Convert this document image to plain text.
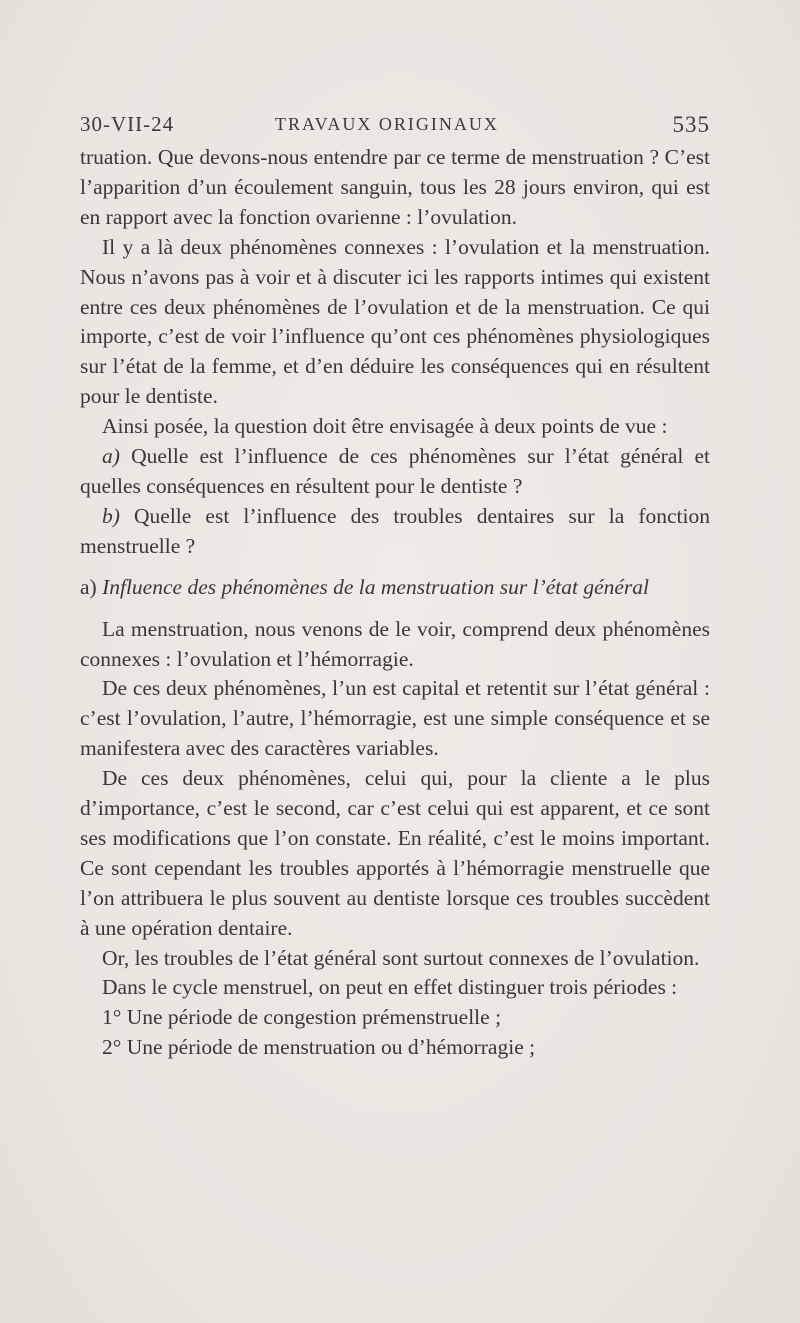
30-VII-24	TRAVAUX ORIGINAUX	535

truation. Que devons-nous entendre par ce terme de menstruation ? C’est l’apparition d’un écoulement sanguin, tous les 28 jours environ, qui est en rapport avec la fonction ovarienne : l’ovulation.

Il y a là deux phénomènes connexes : l’ovulation et la menstruation. Nous n’avons pas à voir et à discuter ici les rapports intimes qui existent entre ces deux phénomènes de l’ovulation et de la menstruation. Ce qui importe, c’est de voir l’influence qu’ont ces phénomènes physiologiques sur l’état de la femme, et d’en déduire les conséquences qui en résultent pour le dentiste.

Ainsi posée, la question doit être envisagée à deux points de vue :

a) Quelle est l’influence de ces phénomènes sur l’état général et quelles conséquences en résultent pour le dentiste ?

b) Quelle est l’influence des troubles dentaires sur la fonction menstruelle ?

a) Influence des phénomènes de la menstruation sur l’état général

La menstruation, nous venons de le voir, comprend deux phénomènes connexes : l’ovulation et l’hémorragie.

De ces deux phénomènes, l’un est capital et retentit sur l’état général : c’est l’ovulation, l’autre, l’hémorragie, est une simple conséquence et se manifestera avec des caractères variables.

De ces deux phénomènes, celui qui, pour la cliente a le plus d’importance, c’est le second, car c’est celui qui est apparent, et ce sont ses modifications que l’on constate. En réalité, c’est le moins important. Ce sont cependant les troubles apportés à l’hémorragie menstruelle que l’on attribuera le plus souvent au dentiste lorsque ces troubles succèdent à une opération dentaire.

Or, les troubles de l’état général sont surtout connexes de l’ovulation.

Dans le cycle menstruel, on peut en effet distinguer trois périodes :

1° Une période de congestion prémenstruelle ;

2° Une période de menstruation ou d’hémorragie ;
